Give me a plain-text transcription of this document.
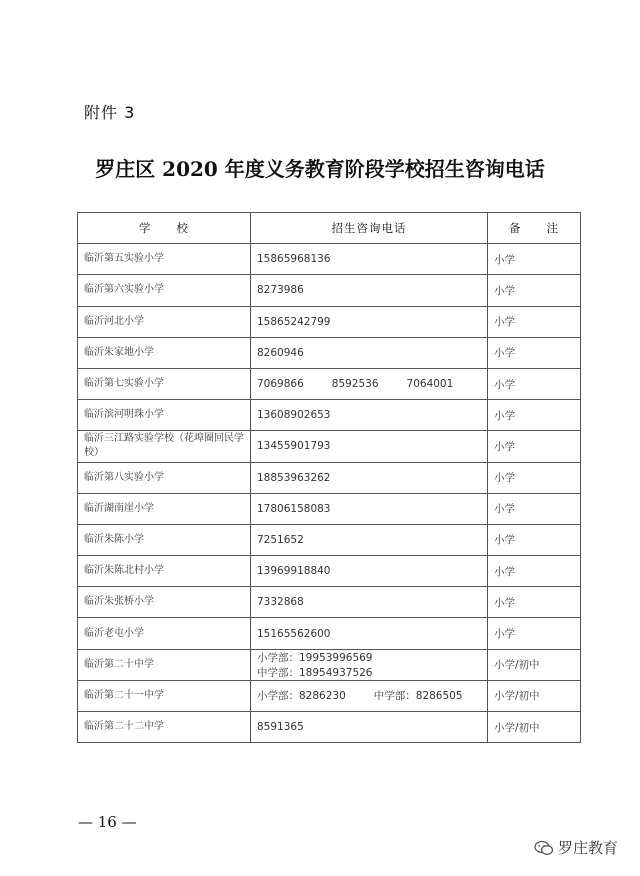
附件 3
罗庄区 2020 年度义务教育阶段学校招生咨询电话
学　　校	招生咨询电话	备　　注
临沂第五实验小学	15865968136	小学
临沂第六实验小学	8273986	小学
临沂河北小学	15865242799	小学
临沂朱家地小学	8260946	小学
临沂第七实验小学	7069866 8592536 7064001	小学
临沂滨河明珠小学	13608902653	小学
临沂三江路实验学校（花埠圈回民学校）	13455901793	小学
临沂第八实验小学	18853963262	小学
临沂湖南崖小学	17806158083	小学
临沂朱陈小学	7251652	小学
临沂朱陈北村小学	13969918840	小学
临沂朱张桥小学	7332868	小学
临沂老屯小学	15165562600	小学
临沂第二十中学	小学部：19953996569中学部：18954937526	小学/初中
临沂第二十一中学	小学部：8286230 中学部：8286505	小学/初中
临沂第二十二中学	8591365	小学/初中
— 16 —
罗庄教育
